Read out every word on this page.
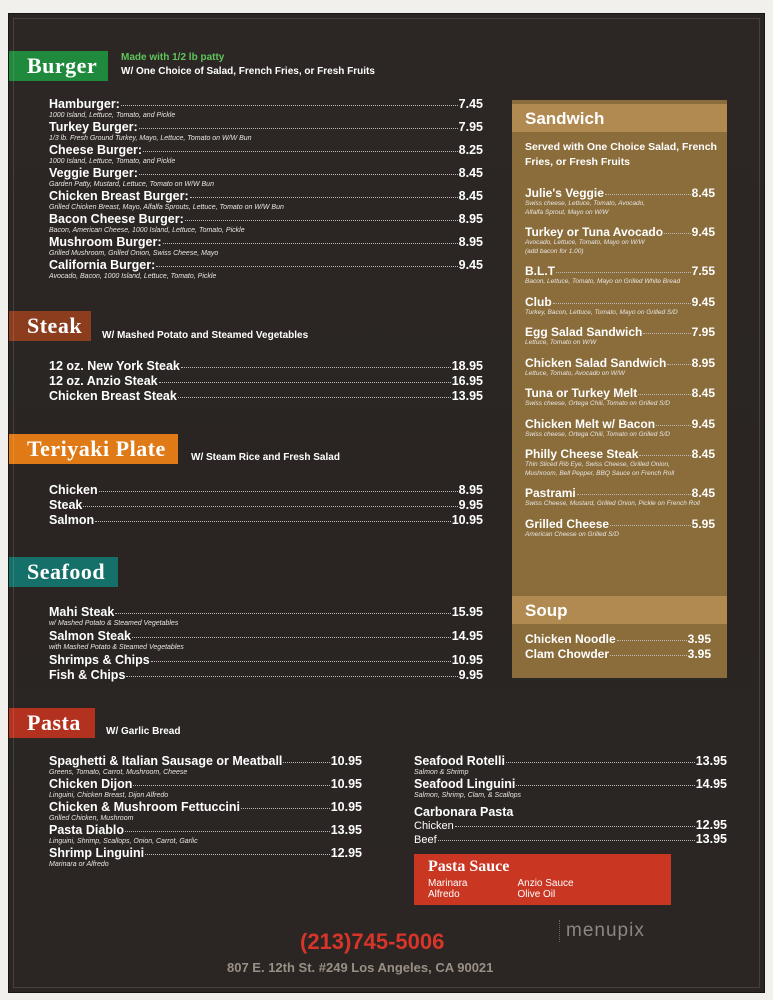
Burger Made with 1/2 lb patty
W/ One Choice of Salad, French Fries, or Fresh Fruits
Hamburger:	7.45
1000 Island, Lettuce, Tomato, and Pickle
Turkey Burger:	7.95
1/3 lb. Fresh Ground Turkey, Mayo, Lettuce, Tomato on W/W Bun
Cheese Burger:	8.25
1000 Island, Lettuce, Tomato, and Pickle
Veggie Burger:	8.45
Garden Patty, Mustard, Lettuce, Tomato on W/W Bun
Chicken Breast Burger:	8.45
Grilled Chicken Breast, Mayo, Alfalfa Sprouts, Lettuce, Tomato on W/W Bun
Bacon Cheese Burger:	8.95
Bacon, American Cheese, 1000 Island, Lettuce, Tomato, Pickle
Mushroom Burger:	8.95
Grilled Mushroom, Grilled Onion, Swiss Cheese, Mayo
California Burger:	9.45
Avocado, Bacon, 1000 Island, Lettuce, Tomato, Pickle
Steak W/ Mashed Potato and Steamed Vegetables
12 oz. New York Steak	18.95
12 oz. Anzio Steak	16.95
Chicken Breast Steak	13.95
Teriyaki Plate	W/ Steam Rice and Fresh Salad
Chicken	8.95
Steak	9.95
Salmon	10.95
Seafood
Mahi Steak	15.95
w/ Mashed Potato & Steamed Vegetables
Salmon Steak	14.95
with Mashed Potato & Steamed Vegetables
Shrimps & Chips	10.95
Fish & Chips	9.95
Pasta	W/ Garlic Bread
Spaghetti & Italian Sausage or Meatball	10.95
Greens, Tomato, Carrot, Mushroom, Cheese
Chicken Dijon	10.95
Linguini, Chicken Breast, Dijon Alfredo
Chicken & Mushroom Fettuccini	10.95
Grilled Chicken, Mushroom
Pasta Diablo	13.95
Linguini, Shrimp, Scallops, Onion, Carrot, Garlic
Shrimp Linguini	12.95
Marinara or Alfredo
Seafood Rotelli	13.95
Salmon & Shrimp
Seafood Linguini	14.95
Salmon, Shrimp, Clam, & Scallops
Carbonara Pasta
Chicken	12.95
Beef	13.95
Pasta Sauce
Marinara
Alfredo
Anzio Sauce
Olive Oil
Sandwich
Served with One Choice Salad, French Fries, or Fresh Fruits
Julie's Veggie	8.45
Swiss cheese, Lettuce, Tomato, Avocado,
Alfalfa Sprout, Mayo on W/W
Turkey or Tuna Avocado 9.45
Avocado, Lettuce, Tomato, Mayo on W/W
(add bacon for 1.00)
B.L.T	7.55
Bacon, Lettuce, Tomato, Mayo on Grilled White Bread
Club	9.45
Turkey, Bacon, Lettuce, Tomato, Mayo on Grilled S/D
Egg Salad Sandwich	7.95
Lettuce, Tomato on W/W
Chicken Salad Sandwich 8.95
Lettuce, Tomato, Avocado on W/W
Tuna or Turkey Melt	8.45
Swiss cheese, Ortega Chili, Tomato on Grilled S/D
Chicken Melt w/ Bacon	9.45
Swiss cheese, Ortega Chili, Tomato on Grilled S/D
Philly Cheese Steak	8.45
Thin Sliced Rib Eye, Swiss Cheese, Grilled Onion,
Mushroom, Bell Pepper, BBQ Sauce on French Roll
Pastrami	8.45
Swiss Cheese, Mustard, Grilled Onion, Pickle on French Roll
Grilled Cheese	5.95
American Cheese on Grilled S/D
Soup
Chicken Noodle	3.95
Clam Chowder	3.95
(213)745-5006
807 E. 12th St. #249 Los Angeles, CA 90021
menupix
